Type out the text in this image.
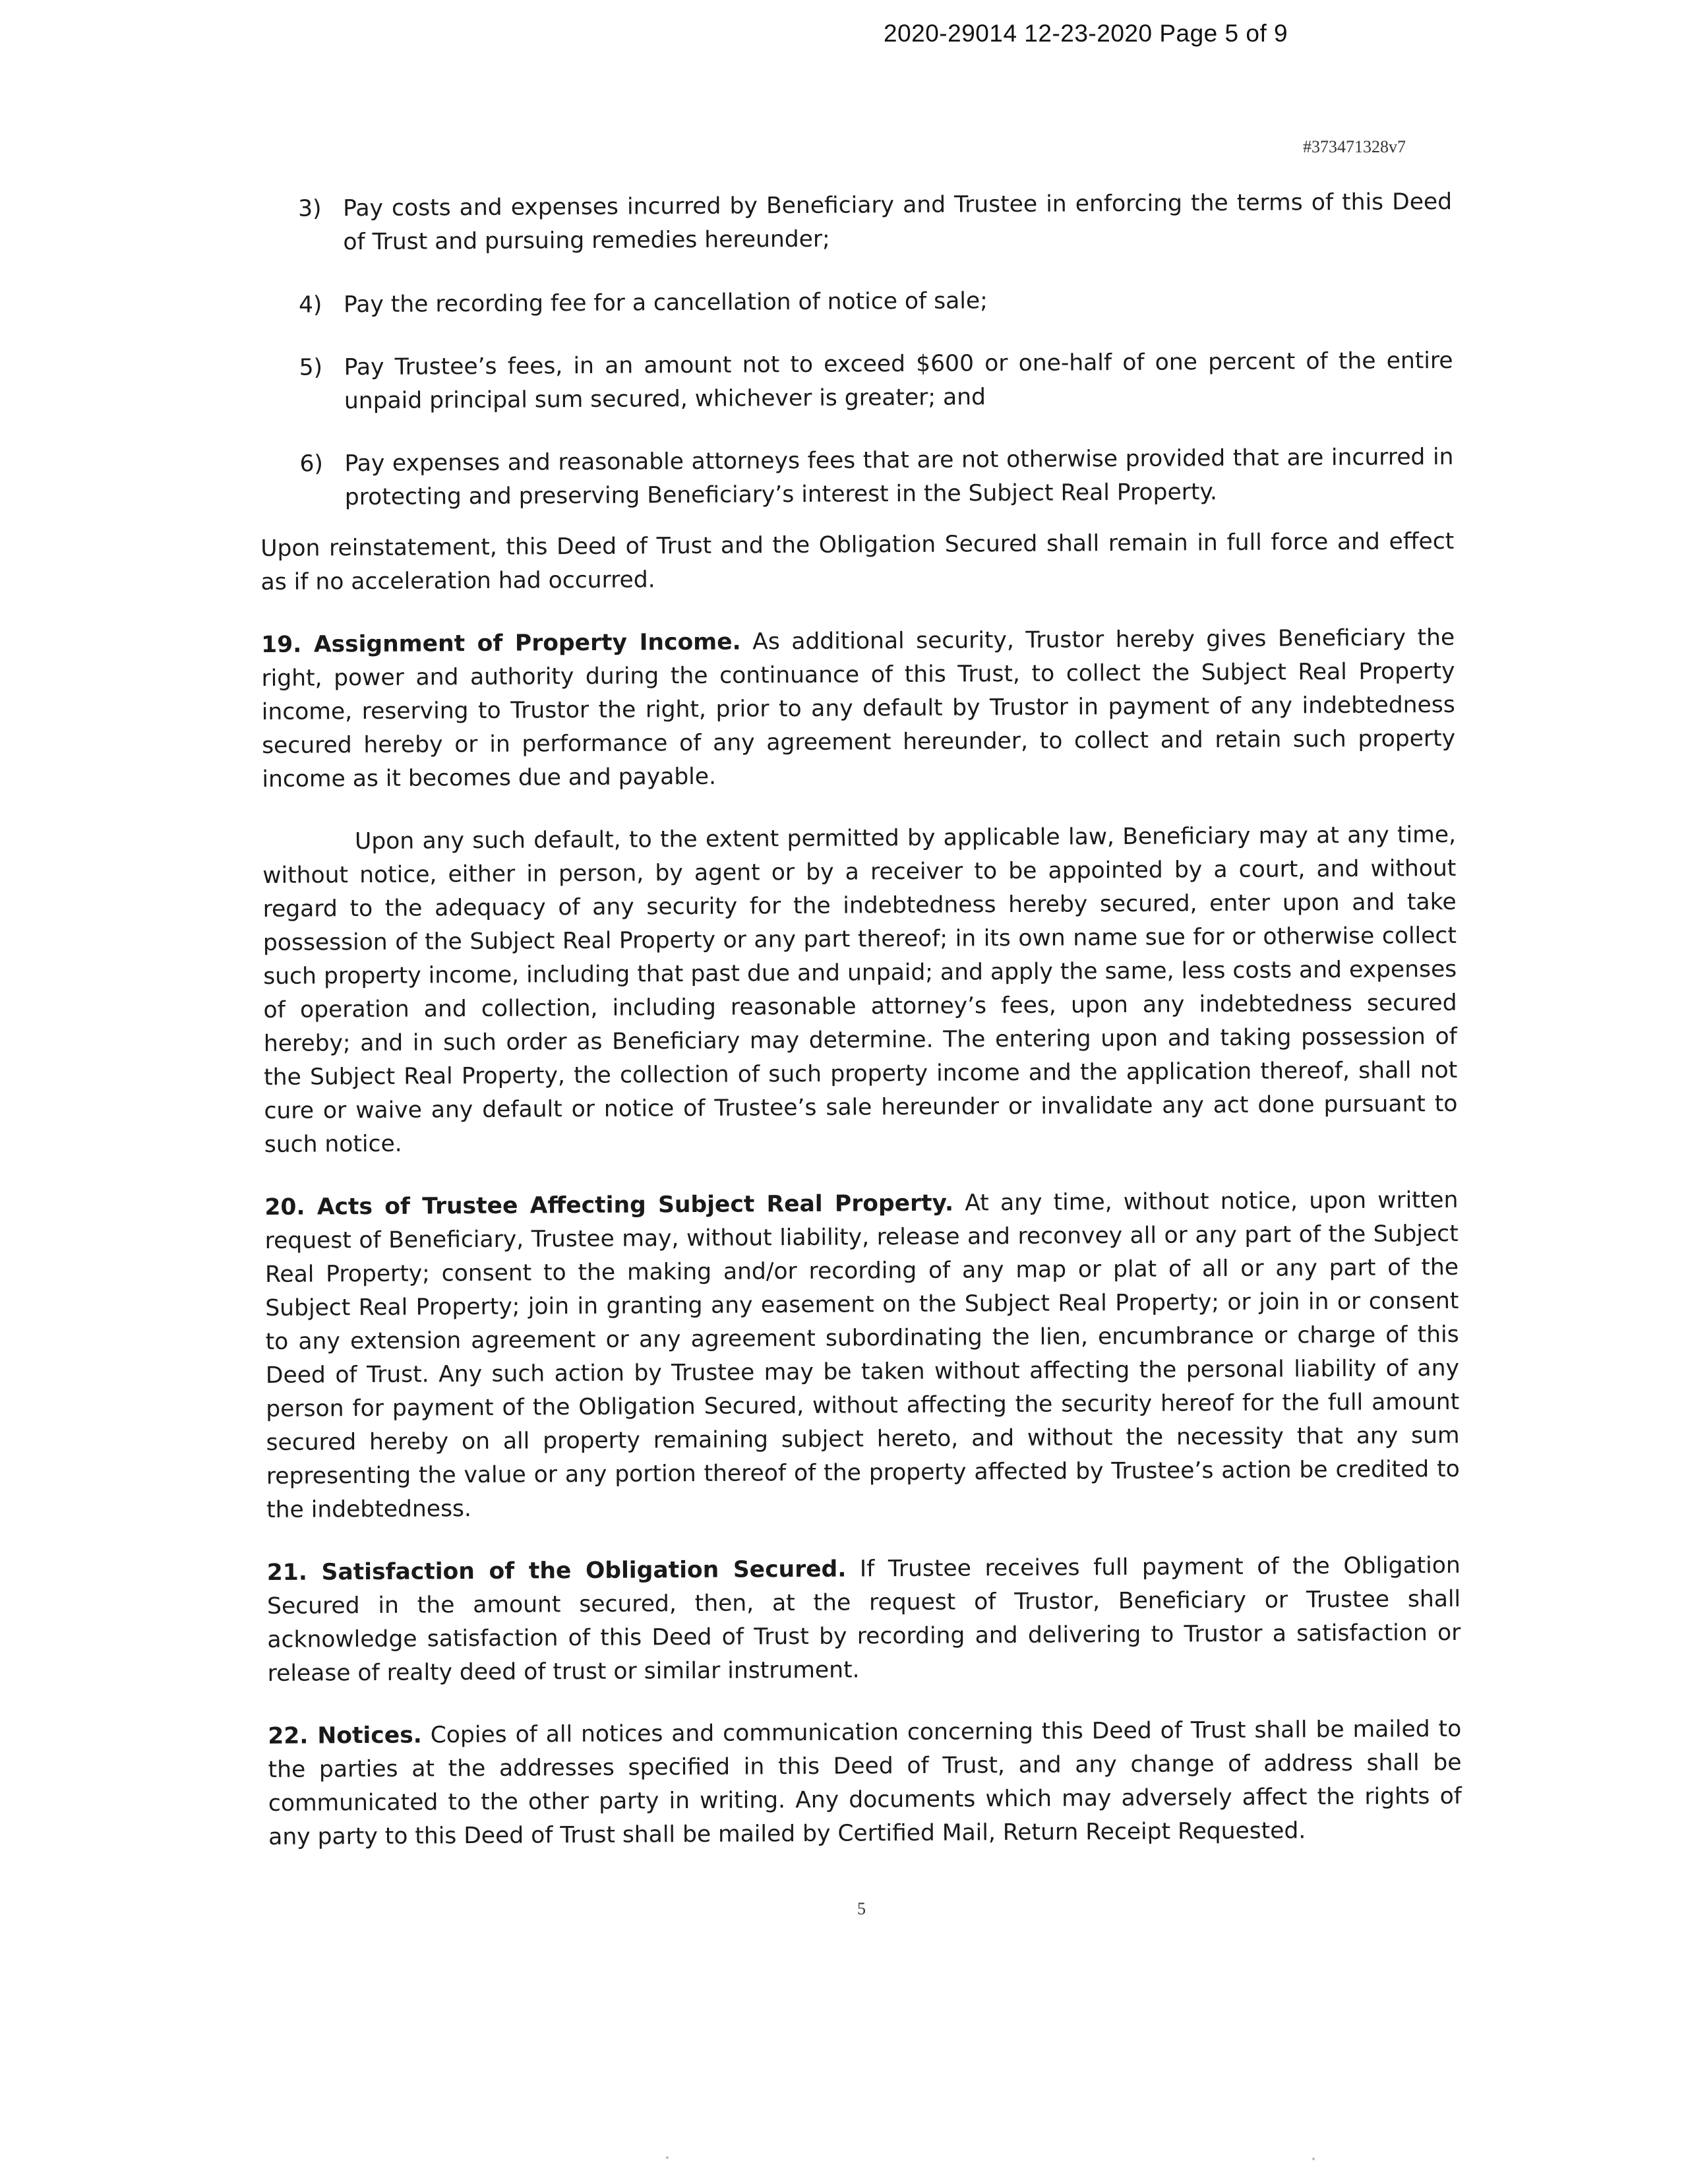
2020-29014 12-23-2020 Page 5 of 9
#373471328v7
3) Pay costs and expenses incurred by Beneficiary and Trustee in enforcing the terms of this Deed of Trust and pursuing remedies hereunder;
4) Pay the recording fee for a cancellation of notice of sale;
5) Pay Trustee’s fees, in an amount not to exceed $600 or one-half of one percent of the entire unpaid principal sum secured, whichever is greater; and
6) Pay expenses and reasonable attorneys fees that are not otherwise provided that are incurred in protecting and preserving Beneficiary’s interest in the Subject Real Property.

Upon reinstatement, this Deed of Trust and the Obligation Secured shall remain in full force and effect as if no acceleration had occurred.

19. Assignment of Property Income. As additional security, Trustor hereby gives Beneficiary the right, power and authority during the continuance of this Trust, to collect the Subject Real Property income, reserving to Trustor the right, prior to any default by Trustor in payment of any indebtedness secured hereby or in performance of any agreement hereunder, to collect and retain such property income as it becomes due and payable.

Upon any such default, to the extent permitted by applicable law, Beneficiary may at any time, without notice, either in person, by agent or by a receiver to be appointed by a court, and without regard to the adequacy of any security for the indebtedness hereby secured, enter upon and take possession of the Subject Real Property or any part thereof; in its own name sue for or otherwise collect such property income, including that past due and unpaid; and apply the same, less costs and expenses of operation and collection, including reasonable attorney’s fees, upon any indebtedness secured hereby; and in such order as Beneficiary may determine. The entering upon and taking possession of the Subject Real Property, the collection of such property income and the application thereof, shall not cure or waive any default or notice of Trustee’s sale hereunder or invalidate any act done pursuant to such notice.

20. Acts of Trustee Affecting Subject Real Property. At any time, without notice, upon written request of Beneficiary, Trustee may, without liability, release and reconvey all or any part of the Subject Real Property; consent to the making and/or recording of any map or plat of all or any part of the Subject Real Property; join in granting any easement on the Subject Real Property; or join in or consent to any extension agreement or any agreement subordinating the lien, encumbrance or charge of this Deed of Trust. Any such action by Trustee may be taken without affecting the personal liability of any person for payment of the Obligation Secured, without affecting the security hereof for the full amount secured hereby on all property remaining subject hereto, and without the necessity that any sum representing the value or any portion thereof of the property affected by Trustee’s action be credited to the indebtedness.

21. Satisfaction of the Obligation Secured. If Trustee receives full payment of the Obligation Secured in the amount secured, then, at the request of Trustor, Beneficiary or Trustee shall acknowledge satisfaction of this Deed of Trust by recording and delivering to Trustor a satisfaction or release of realty deed of trust or similar instrument.

22. Notices. Copies of all notices and communication concerning this Deed of Trust shall be mailed to the parties at the addresses specified in this Deed of Trust, and any change of address shall be communicated to the other party in writing. Any documents which may adversely affect the rights of any party to this Deed of Trust shall be mailed by Certified Mail, Return Receipt Requested.

5
